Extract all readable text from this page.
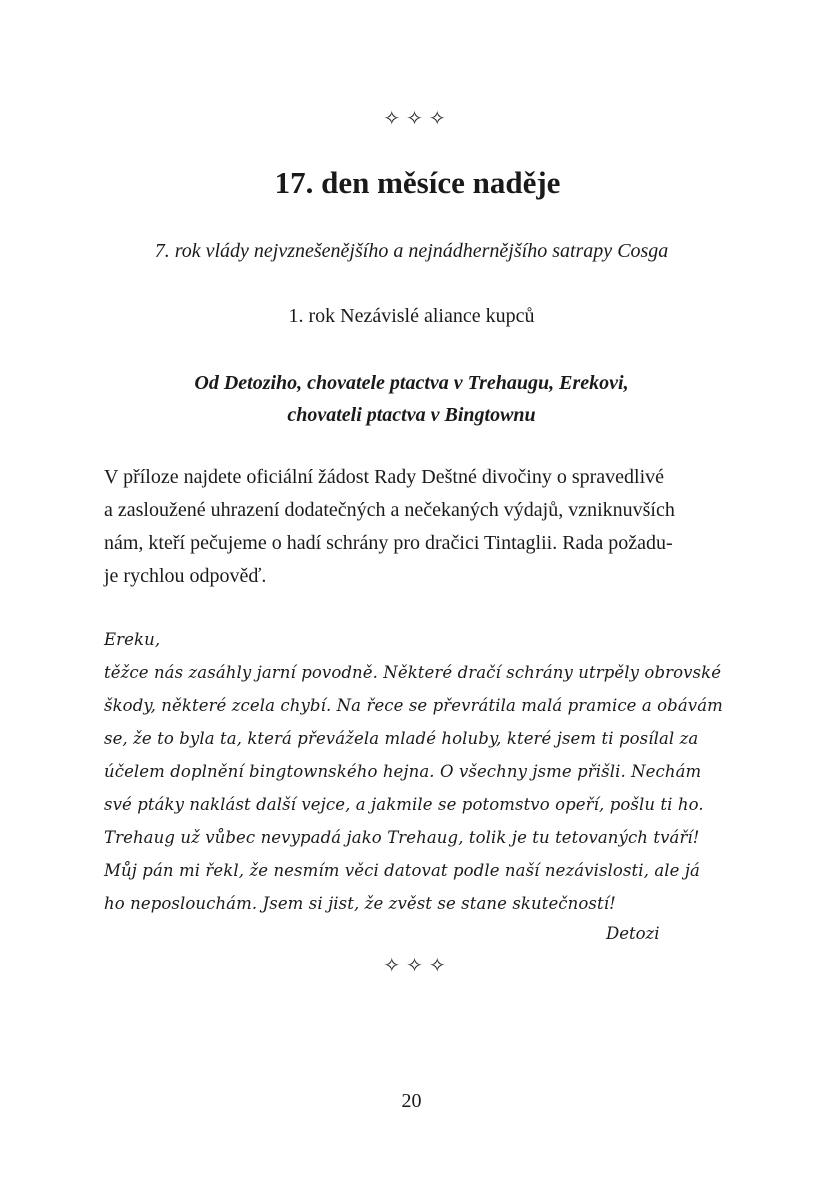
✧✧✧
17. den měsíce naděje
7. rok vlády nejvznešenějšího a nejnádhernějšího satrapy Cosga
1. rok Nezávislé aliance kupců
Od Detoziho, chovatele ptactva v Trehaugu, Erekovi,
chovateli ptactva v Bingtownu
V příloze najdete oficiální žádost Rady Deštné divočiny o spravedlivé
a zasloužené uhrazení dodatečných a nečekaných výdajů, vzniknuvších
nám, kteří pečujeme o hadí schrány pro dračici Tintaglii. Rada požadu-
je rychlou odpověď.
Ereku,
těžce nás zasáhly jarní povodně. Některé dračí schrány utrpěly obrovské
škody, některé zcela chybí. Na řece se převrátila malá pramice a obávám
se, že to byla ta, která převážela mladé holuby, které jsem ti posílal za
účelem doplnění bingtownského hejna. O všechny jsme přišli. Nechám
své ptáky naklást další vejce, a jakmile se potomstvo opeří, pošlu ti ho.
Trehaug už vůbec nevypadá jako Trehaug, tolik je tu tetovaných tváří!
Můj pán mi řekl, že nesmím věci datovat podle naší nezávislosti, ale já
ho neposlouchám. Jsem si jist, že zvěst se stane skutečností!
Detozi
✧✧✧
20
